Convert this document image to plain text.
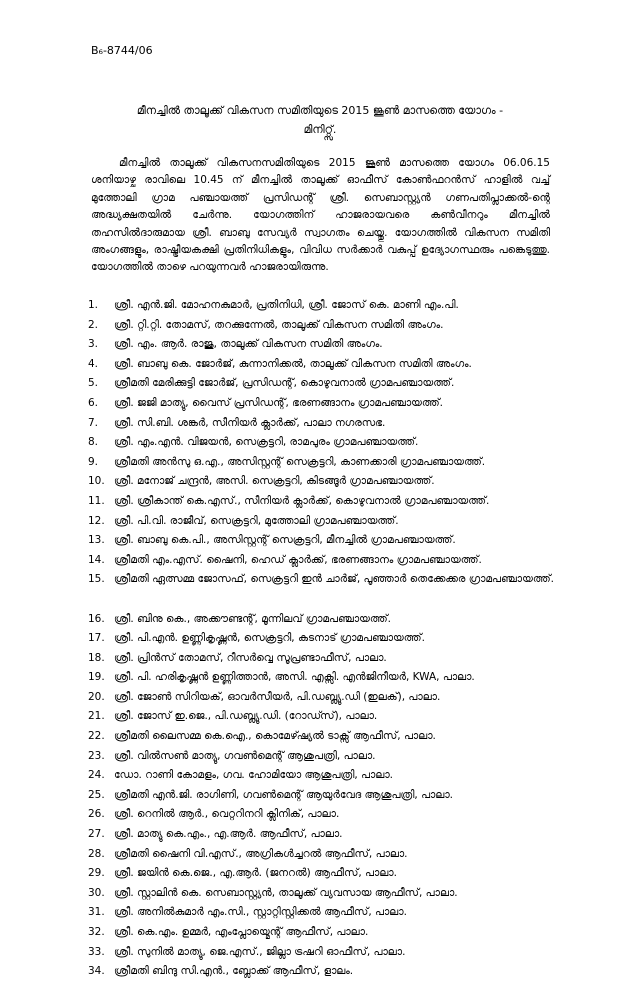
B₆-8744/06
മീനച്ചിൽ താലൂക്ക് വികസന സമിതിയുടെ 2015 ജൂൺ മാസത്തെ യോഗം -
മിനിറ്റ്സ്.
മീനച്ചിൽ താലൂക്ക് വികസനസമിതിയുടെ 2015 ജൂൺ മാസത്തെ യോഗം 06.06.15 ശനിയാഴ്ച രാവിലെ 10.45 ന് മീനച്ചിൽ താലൂക്ക് ഓഫീസ് കോൺഫറൻസ് ഹാളിൽ വച്ച് മുത്തോലി ഗ്രാമ പഞ്ചായത്ത് പ്രസിഡന്റ് ശ്രീ. സെബാസ്റ്റ്യൻ ഗണപതിപ്ലാക്കൽ-ന്റെ അദ്ധ്യക്ഷതയിൽ ചേർന്നു. യോഗത്തിന് ഹാജരായവരെ കൺവീനറും മീനച്ചിൽ തഹസിൽദാരുമായ ശ്രീ. ബാബു സേവ്യർ സ്വാഗതം ചെയ്തു. യോഗത്തിൽ വികസന സമിതി അംഗങ്ങളും, രാഷ്ട്രീയകക്ഷി പ്രതിനിധികളും, വിവിധ സർക്കാർ വകുപ്പ് ഉദ്യോഗസ്ഥരും പങ്കെടുത്തു. യോഗത്തിൽ താഴെ പറയുന്നവർ ഹാജരായിരുന്നു.
1.	ശ്രീ. എൻ.ജി. മോഹനകുമാർ, പ്രതിനിധി, ശ്രീ. ജോസ് കെ. മാണി എം.പി.
2.	ശ്രീ. റ്റി.റ്റി. തോമസ്, തറക്കുന്നേൽ, താലൂക്ക് വികസന സമിതി അംഗം.
3.	ശ്രീ. എം. ആർ. രാജു, താലൂക്ക് വികസന സമിതി അംഗം.
4.	ശ്രീ. ബാബു കെ. ജോർജ്, കുന്നാനിക്കൽ, താലൂക്ക് വികസന സമിതി അംഗം.
5.	ശ്രീമതി മേരിക്കുട്ടി ജോർജ്, പ്രസിഡന്റ്, കൊഴുവനാൽ ഗ്രാമപഞ്ചായത്ത്.
6.	ശ്രീ. ജജി മാത്യു, വൈസ് പ്രസിഡന്റ്, ഭരണങ്ങാനം ഗ്രാമപഞ്ചായത്ത്.
7.	ശ്രീ. സി.ബി. ശങ്കർ, സീനിയർ ക്ലാർക്ക്, പാലാ നഗരസഭ.
8.	ശ്രീ. എം.എൻ. വിജയൻ, സെക്രട്ടറി, രാമപുരം ഗ്രാമപഞ്ചായത്ത്.
9.	ശ്രീമതി അൻസു ഒ.എ., അസിസ്റ്റന്റ് സെക്രട്ടറി, കാണക്കാരി ഗ്രാമപഞ്ചായത്ത്.
10. ശ്രീ. മനോജ് ചന്ദ്രൻ, അസി. സെക്രട്ടറി, കിടങ്ങൂർ ഗ്രാമപഞ്ചായത്ത്.
11. ശ്രീ. ശ്രീകാന്ത് കെ.എസ്., സീനിയർ ക്ലാർക്ക്, കൊഴുവനാൽ ഗ്രാമപഞ്ചായത്ത്.
12. ശ്രീ. പി.വി. രാജീവ്, സെക്രട്ടറി, മുത്തോലി ഗ്രാമപഞ്ചായത്ത്.
13. ശ്രീ. ബാബു കെ.പി., അസിസ്റ്റന്റ് സെക്രട്ടറി, മീനച്ചിൽ ഗ്രാമപഞ്ചായത്ത്.
14. ശ്രീമതി എം.എസ്. ഷൈനി, ഹെഡ് ക്ലാർക്ക്, ഭരണങ്ങാനം ഗ്രാമപഞ്ചായത്ത്.
15. ശ്രീമതി ഏത്സമ്മ ജോസഫ്, സെക്രട്ടറി ഇൻ ചാർജ്, പൂഞ്ഞാർ തെക്കേക്കര ഗ്രാമപഞ്ചായത്ത്.
16. ശ്രീ. ബിനു കെ., അക്കൗണ്ടന്റ്, മൂന്നിലവ് ഗ്രാമപഞ്ചായത്ത്.
17. ശ്രീ. പി.എൻ. ഉണ്ണികൃഷ്ണൻ, സെക്രട്ടറി, കടനാട് ഗ്രാമപഞ്ചായത്ത്.
18. ശ്രീ. പ്രിൻസ് തോമസ്, റീസർവ്വെ സൂപ്രണ്ടാഫീസ്, പാലാ.
19. ശ്രീ. പി. ഹരികൃഷ്ണൻ ഉണ്ണിത്താൻ, അസി. എക്സി. എൻജിനീയർ, KWA, പാലാ.
20. ശ്രീ. ജോൺ സിറിയക്, ഓവർസീയർ, പി.ഡബ്ല്യു.ഡി (ഇലക്), പാലാ.
21. ശ്രീ. ജോസ് ഇ.ജെ., പി.ഡബ്ല്യു.ഡി. (റോഡ്സ്), പാലാ.
22. ശ്രീമതി ലൈസമ്മ കെ.ഐ., കൊമേഴ്ഷ്യൽ ടാക്സ് ആഫീസ്, പാലാ.
23. ശ്രീ. വിൽസൺ മാത്യു, ഗവൺമെന്റ് ആശുപത്രി, പാലാ.
24. ഡോ. റാണി കോമളം, ഗവ. ഹോമിയോ ആശുപത്രി, പാലാ.
25. ശ്രീമതി എൻ.ജി. രാഗിണി, ഗവൺമെന്റ് ആയുർവേദ ആശുപത്രി, പാലാ.
26. ശ്രീ. റെനിൽ ആർ., വെറ്ററിനറി ക്ലിനിക്, പാലാ.
27. ശ്രീ. മാത്യു കെ.എം., എ.ആർ. ആഫീസ്, പാലാ.
28. ശ്രീമതി ഷൈനി വി.എസ്., അഗ്രികൾച്ചറൽ ആഫീസ്, പാലാ.
29. ശ്രീ. ജയിൻ കെ.ജെ., എ.ആർ. (ജനറൽ) ആഫീസ്, പാലാ.
30. ശ്രീ. സ്റ്റാലിൻ കെ. സെബാസ്റ്റ്യൻ, താലൂക്ക് വ്യവസായ ആഫീസ്, പാലാ.
31. ശ്രീ. അനിൽകുമാർ എം.സി., സ്റ്റാറ്റിസ്റ്റിക്കൽ ആഫീസ്, പാലാ.
32. ശ്രീ. കെ.എം. ഉമ്മർ, എംപ്ലോയ്മെന്റ് ആഫീസ്, പാലാ.
33. ശ്രീ. സുനിൽ മാത്യു, ജെ.എസ്., ജില്ലാ ട്രഷറി ഓഫീസ്, പാലാ.
34. ശ്രീമതി ബിന്ദു സി.എൻ., ബ്ലോക്ക് ആഫീസ്, ളാലം.
